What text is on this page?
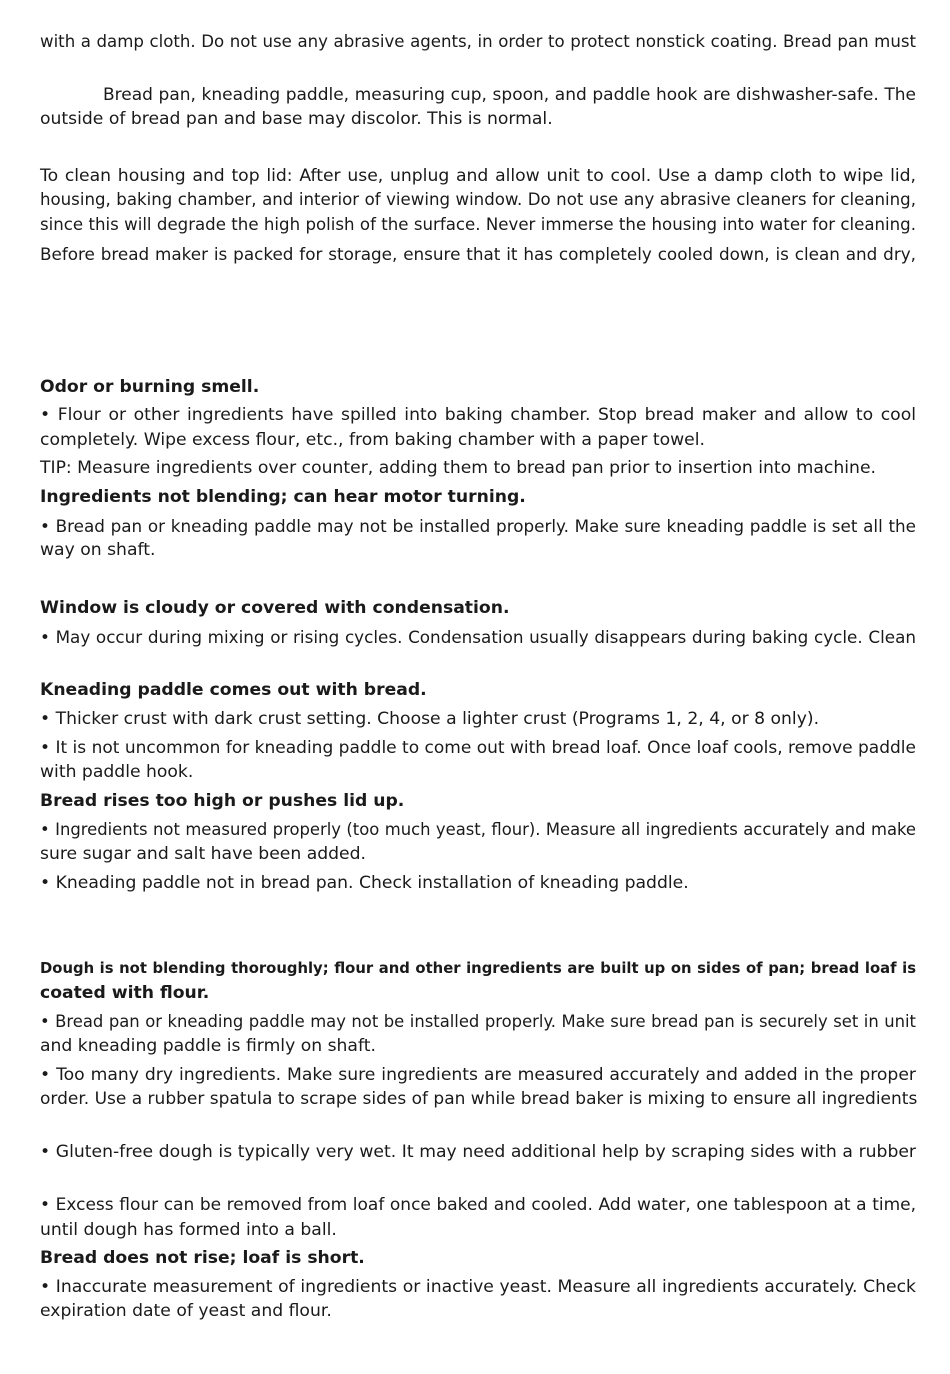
with a damp cloth. Do not use any abrasive agents, in order to protect nonstick coating. Bread pan must

Bread pan, kneading paddle, measuring cup, spoon, and paddle hook are dishwasher-safe. The

outside of bread pan and base may discolor. This is normal.

To clean housing and top lid: After use, unplug and allow unit to cool. Use a damp cloth to wipe lid,

housing, baking chamber, and interior of viewing window. Do not use any abrasive cleaners for cleaning,

since this will degrade the high polish of the surface. Never immerse the housing into water for cleaning.

Before bread maker is packed for storage, ensure that it has completely cooled down, is clean and dry,

Odor or burning smell.

• Flour or other ingredients have spilled into baking chamber. Stop bread maker and allow to cool

completely. Wipe excess flour, etc., from baking chamber with a paper towel.

TIP: Measure ingredients over counter, adding them to bread pan prior to insertion into machine.

Ingredients not blending; can hear motor turning.

• Bread pan or kneading paddle may not be installed properly. Make sure kneading paddle is set all the

way on shaft.

Window is cloudy or covered with condensation.

• May occur during mixing or rising cycles. Condensation usually disappears during baking cycle. Clean

Kneading paddle comes out with bread.

• Thicker crust with dark crust setting. Choose a lighter crust (Programs 1, 2, 4, or 8 only).

• It is not uncommon for kneading paddle to come out with bread loaf. Once loaf cools, remove paddle

with paddle hook.

Bread rises too high or pushes lid up.

• Ingredients not measured properly (too much yeast, flour). Measure all ingredients accurately and make

sure sugar and salt have been added.

• Kneading paddle not in bread pan. Check installation of kneading paddle.

Dough is not blending thoroughly; flour and other ingredients are built up on sides of pan; bread loaf is

coated with flour.

• Bread pan or kneading paddle may not be installed properly. Make sure bread pan is securely set in unit

and kneading paddle is firmly on shaft.

• Too many dry ingredients. Make sure ingredients are measured accurately and added in the proper

order. Use a rubber spatula to scrape sides of pan while bread baker is mixing to ensure all ingredients

• Gluten-free dough is typically very wet. It may need additional help by scraping sides with a rubber

• Excess flour can be removed from loaf once baked and cooled. Add water, one tablespoon at a time,

until dough has formed into a ball.

Bread does not rise; loaf is short.

• Inaccurate measurement of ingredients or inactive yeast. Measure all ingredients accurately. Check

expiration date of yeast and flour.
